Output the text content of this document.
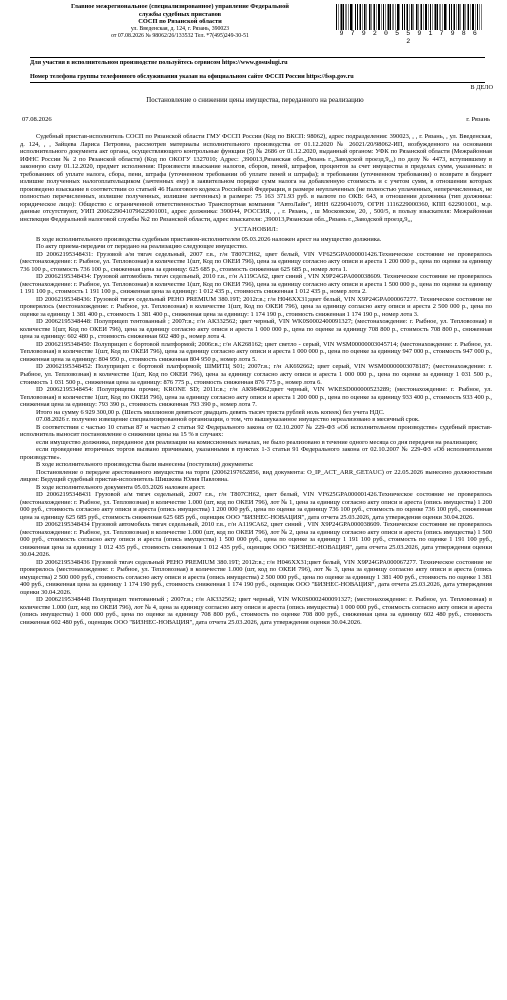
Главное межрегиональное (специализированное) управление Федеральной
службы судебных приставов
СОСП по Рязанской области
ул. Введенская, д. 124, г. Рязань, 390023
от 07.08.2026 № 98062/26/133532 Тел. *7(495)249-30-51	9 7 9 2 0 5 5 9 1 7 9 8 6 2
Для участия в исполнительном производстве пользуйтесь сервисом https://www.gosuslugi.ru
Номер телефона группы телефонного обслуживания указан на официальном сайте ФССП России https://fssp.gov.ru
В ДЕЛО
Постановление о снижении цены имущества, переданного на реализацию
07.08.2026	г. Рязань

Судебный пристав-исполнитель СОСП по Рязанской области ГМУ ФССП России (Код по ВКСП: 98062), адрес подразделения: 390023, , , г. Рязань, , ул. Введенская, д. 124, , , Зайцева Лариса Петровна, рассмотрев материалы исполнительного производства от 01.12.2020 № 26021/20/98062-ИП, возбужденного на основании исполнительного документа акт органа, осуществляющего контрольные функции (5) № 2686 от 01.12.2020, выданный органом: УФК по Рязанской области (Межрайонная ИФНС России № 2 по Рязанской области) (Код по ОКОГУ 1327010; Адрес: ,390013,Рязанская обл.,,Рязань г.,,Заводской проезд,9,,,) по делу № 4473, вступившему в законную силу 01.12.2020, предмет исполнения: Произвести взыскание налогов, сборов, пеней, штрафов, процентов за счет имущества в пределах сумм, указанных: в требованиях об уплате налога, сбора, пени, штрафа (уточненном требовании об уплате пеней и штрафа); в требовании (уточненном требовании) о возврате в бюджет излишне полученных налогоплательщиком (зачтенных ему) в заявительном порядке сумм налога на добавленную стоимость и с учетом сумм, в отношении которых произведено взыскание в соответствии со статьей 46 Налогового кодекса Российской Федерации, в размере неуплаченных (не полностью уплаченных, неперечисленных, не полностью перечисленных, излишне полученных, излишне зачтенных) в размере: 75 163 371.93 руб. в валюте по ОКВ: 643, в отношении должника (тип должника: юридическое лицо): Общество с ограниченной ответственностью Транспортная компания "АвтоЛайн", ИНН 6229041079, ОГРН 1116229000360, КПП 622901001, м.р. данные отсутствуют, УИП 2006229041079622901001, адрес должника: 390044, РОССИЯ, , , г. Рязань, , ш Московское, 20, , 500/5, в пользу взыскателя: Межрайонная инспекция Федеральной налоговой службы №2 по Рязанской области, адрес взыскателя: ,390013,Рязанская обл.,,Рязань г.,,Заводской проезд,9,,,

УСТАНОВИЛ:

В ходе исполнительного производства судебным приставом-исполнителем 05.03.2026 наложен арест на имущество должника.

По акту приема-передачи от передано на реализацию следующее имущество.

ID 20062195348431: Грузовой а/м тягач седельный, 2007 г.в., г/н Т807СН62, цвет белый, VIN VF625GPA000001426.Техническое состояние не проверялось (местонахождение: г. Рыбное, ул. Тепловозная) в количестве 1(шт, Код по ОКЕИ 796), цена за единицу согласно акту описи и ареста 1 200 000 р., цена по оценке за единицу 736 100 р., стоимость 736 100 р., сниженная цена за единицу: 625 685 р., стоимость сниженная 625 685 р., номер лота 1.

ID 20062195348434: Грузовой автомобиль тягач седельный, 2010 г.в., г/н А119СА62, цвет синий , VIN X9P24GPA000038609. Техническое состояние не проверялось (местонахождение: г. Рыбное, ул. Тепловозная) в количестве 1(шт, Код по ОКЕИ 796), цена за единицу согласно акту описи и ареста 1 500 000 р., цена по оценке за единицу 1 191 100 р., стоимость 1 191 100 р., сниженная цена за единицу: 1 012 435 р., стоимость сниженная 1 012 435 р., номер лота 2.

ID 20062195348436: Грузовой тягач седельный РЕНО PREMIUM 380.19T; 2012г.в.; г/н Н046ХХ31;цвет белый, VIN X9P24GPA000067277. Техническое состояние не проверялось (местонахождение: г. Рыбное, ул. Тепловозная) в количестве 1(шт, Код по ОКЕИ 796), цена за единицу согласно акту описи и ареста 2 500 000 р., цена по оценке за единицу 1 381 400 р., стоимость 1 381 400 р., сниженная цена за единицу: 1 174 190 р., стоимость сниженная 1 174 190 р., номер лота 3.

ID 20062195348448: Полуприцеп тентованный ; 2007г.в.; г/н АК332562; цвет черный, VIN WK0S0002400091327; (местонахождение: г. Рыбное, ул. Тепловозная) в количестве 1(шт, Код по ОКЕИ 796), цена за единицу согласно акту описи и ареста 1 000 000 р., цена по оценке за единицу 708 800 р., стоимость 708 800 р., сниженная цена за единицу: 602 480 р., стоимость сниженная 602 480 р., номер лота 4.

ID 20062195348450: Полуприцеп с бортовой платформой; 2006г.в.; г/н АК268162; цвет светло - серый, VIN WSM00000003045714; (местонахождение: г. Рыбное, ул. Тепловозная) в количестве 1(шт, Код по ОКЕИ 796), цена за единицу согласно акту описи и ареста 1 000 000 р., цена по оценке за единицу 947 000 р., стоимость 947 000 р., сниженная цена за единицу: 804 950 р., стоимость сниженная 804 950 р., номер лота 5.

ID 20062195348452: Полуприцеп с бортовой платформой; ШМИТЦ S01; 2007г.в.; г/н АК692662; цвет серый, VIN WSM00000003078187; (местонахождение: г. Рыбное, ул. Тепловозная) в количестве 1(шт, Код по ОКЕИ 796), цена за единицу согласно акту описи и ареста 1 000 000 р., цена по оценке за единицу 1 031 500 р., стоимость 1 031 500 р., сниженная цена за единицу: 876 775 р., стоимость сниженная 876 775 р., номер лота 6.

ID 20062195348454: Полуприцепы прочие; KRONE SD; 2011г.в.; г/н АК984862;цвет черный, VIN WKESD000000523289; (местонахождение: г. Рыбное, ул. Тепловозная) в количестве 1(шт, Код по ОКЕИ 796), цена за единицу согласно акту описи и ареста 1 200 000 р., цена по оценке за единицу 933 400 р., стоимость 933 400 р., сниженная цена за единицу: 793 390 р., стоимость сниженная 793 390 р., номер лота 7.

Итого на сумму 6 929 300,00 р. (Шесть миллионов девятьсот двадцать девять тысяч триста рублей ноль копеек) без учета НДС.

07.08.2026 г. получено извещение специализированной организации, о том, что вышеуказанное имущество нереализовано в месячный срок.

В соответствии с частью 10 статьи 87 и частью 2 статьи 92 Федерального закона от 02.10.2007 № 229-ФЗ «Об исполнительном производстве» судебный пристав-исполнитель выносит постановление о снижении цены на 15 % в случаях:

если имущество должника, переданное для реализации на комиссионных началах, не было реализовано в течение одного месяца со дня передачи на реализацию;

если проведение вторичных торгов вызвано причинами, указанными в пунктах 1-3 статьи 91 Федерального закона от 02.10.2007 № 229-ФЗ «Об исполнительном производстве».

В ходе исполнительного производства были вынесены (поступили) документы:

Постановление о передаче арестованного имущества на торги (20062197652856, вид документа: O_IP_ACT_ARR_GETAUC) от 22.05.2026 вынесено должностным лицом: Ведущий судебный пристав-исполнитель Шишкова Юлия Павловна.

В ходе исполнительного документа 05.03.2026 наложен арест.

ID 20062195348431 Грузовой а/м тягач седельный, 2007 г.в., г/н Т807СН62, цвет белый, VIN VF625GPA000001426.Техническое состояние не проверялось (местонахождение: г. Рыбное, ул. Тепловозная) в количестве 1.000 (шт, код по ОКЕИ 796), лот № 1, цена за единицу согласно акту описи и ареста (опись имущества) 1 200 000 руб., стоимость согласно акту описи и ареста (опись имущества) 1 200 000 руб., цена по оценке за единицу 736 100 руб., стоимость по оценке 736 100 руб., сниженная цена за единицу 625 685 руб., стоимость сниженная 625 685 руб., оценщик ООО "БИЗНЕС-НОВАЦИЯ", дата отчета 25.03.2026, дата утверждения оценки 30.04.2026.

ID 20062195348434 Грузовой автомобиль тягач седельный, 2010 г.в., г/н А119СА62, цвет синий , VIN X9P24GPA000038609. Техническое состояние не проверялось (местонахождение: г. Рыбное, ул. Тепловозная) в количестве 1.000 (шт, код по ОКЕИ 796), лот № 2, цена за единицу согласно акту описи и ареста (опись имущества) 1 500 000 руб., стоимость согласно акту описи и ареста (опись имущества) 1 500 000 руб., цена по оценке за единицу 1 191 100 руб., стоимость по оценке 1 191 100 руб., сниженная цена за единицу 1 012 435 руб., стоимость сниженная 1 012 435 руб., оценщик ООО "БИЗНЕС-НОВАЦИЯ", дата отчета 25.03.2026, дата утверждения оценки 30.04.2026.

ID 20062195348436 Грузовой тягач седельный РЕНО PREMIUM 380.19T; 2012г.в.; г/н Н046ХХ31;цвет белый, VIN X9P24GPA000067277. Техническое состояние не проверялось (местонахождение: г. Рыбное, ул. Тепловозная) в количестве 1.000 (шт, код по ОКЕИ 796), лот № 3, цена за единицу согласно акту описи и ареста (опись имущества) 2 500 000 руб., стоимость согласно акту описи и ареста (опись имущества) 2 500 000 руб., цена по оценке за единицу 1 381 400 руб., стоимость по оценке 1 381 400 руб., сниженная цена за единицу 1 174 190 руб., стоимость сниженная 1 174 190 руб., оценщик ООО "БИЗНЕС-НОВАЦИЯ", дата отчета 25.03.2026, дата утверждения оценки 30.04.2026.

ID 20062195348448 Полуприцеп тентованный ; 2007г.в.; г/н АК332562; цвет черный, VIN WK0S0002400091327; (местонахождение: г. Рыбное, ул. Тепловозная) в количестве 1.000 (шт, код по ОКЕИ 796), лот № 4, цена за единицу согласно акту описи и ареста (опись имущества) 1 000 000 руб., стоимость согласно акту описи и ареста (опись имущества) 1 000 000 руб., цена по оценке за единицу 708 800 руб., стоимость по оценке 708 800 руб., сниженная цена за единицу 602 480 руб., стоимость сниженная 602 480 руб., оценщик ООО "БИЗНЕС-НОВАЦИЯ", дата отчета 25.03.2026, дата утверждения оценки 30.04.2026.
